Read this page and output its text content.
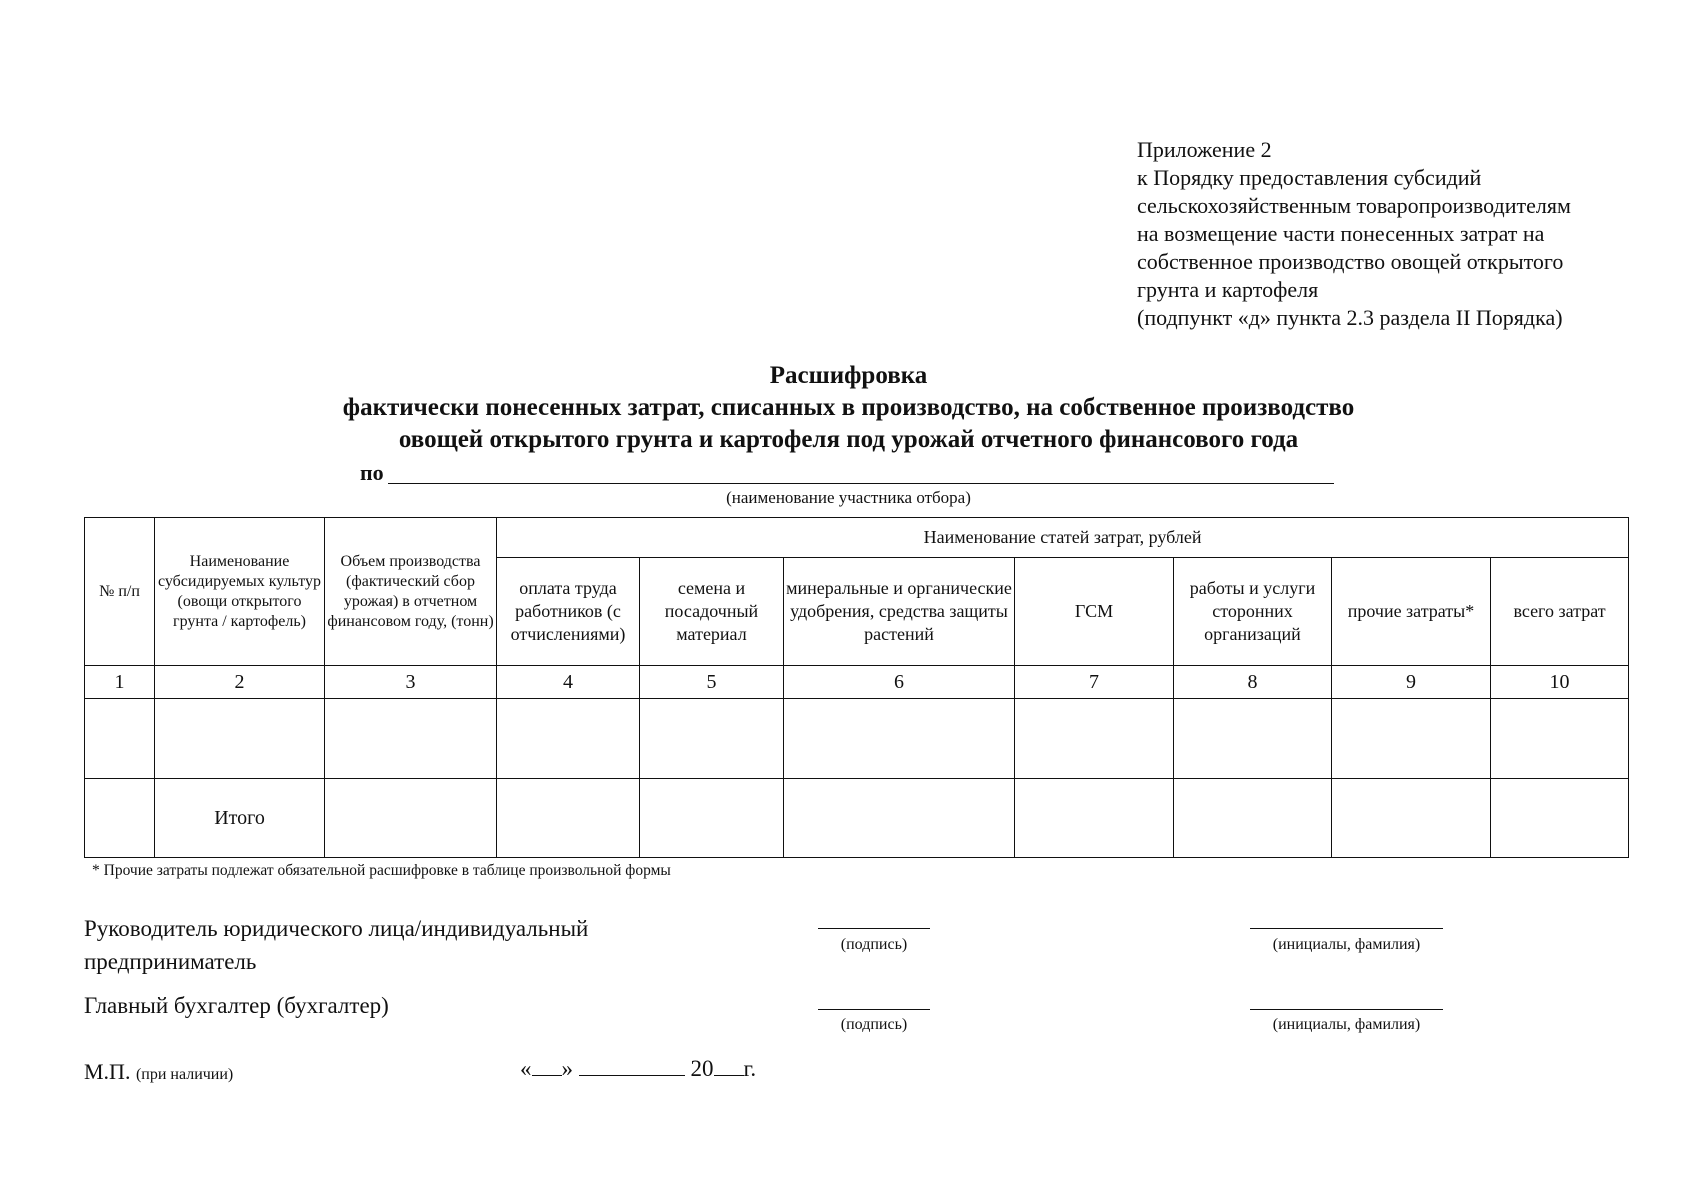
Приложение 2
к Порядку предоставления субсидий
сельскохозяйственным товаропроизводителям
на возмещение части понесенных затрат на
собственное производство овощей открытого
грунта и картофеля
(подпункт «д» пункта 2.3 раздела II Порядка)
Расшифровка
фактически понесенных затрат, списанных в производство, на собственное производство
овощей открытого грунта и картофеля под урожай отчетного финансового года
по
(наименование участника отбора)
№ п/п	Наименование субсидируемых культур (овощи открытого грунта / картофель)	Объем производства (фактический сбор урожая) в отчетном финансовом году, (тонн)	Наименование статей затрат, рублей						
			оплата труда работников (с отчислениями)	семена и посадочный материал	минеральные и органические удобрения, средства защиты растений	ГСМ	работы и услуги сторонних организаций	прочие затраты*	всего затрат
1	2	3	4	5	6	7	8	9	10

	Итого								
* Прочие затраты подлежат обязательной расшифровке в таблице произвольной формы
Руководитель юридического лица/индивидуальный
предприниматель
(подпись)	(инициалы, фамилия)
Главный бухгалтер (бухгалтер)
(подпись)	(инициалы, фамилия)
М.П. (при наличии)	« »	20 г.
